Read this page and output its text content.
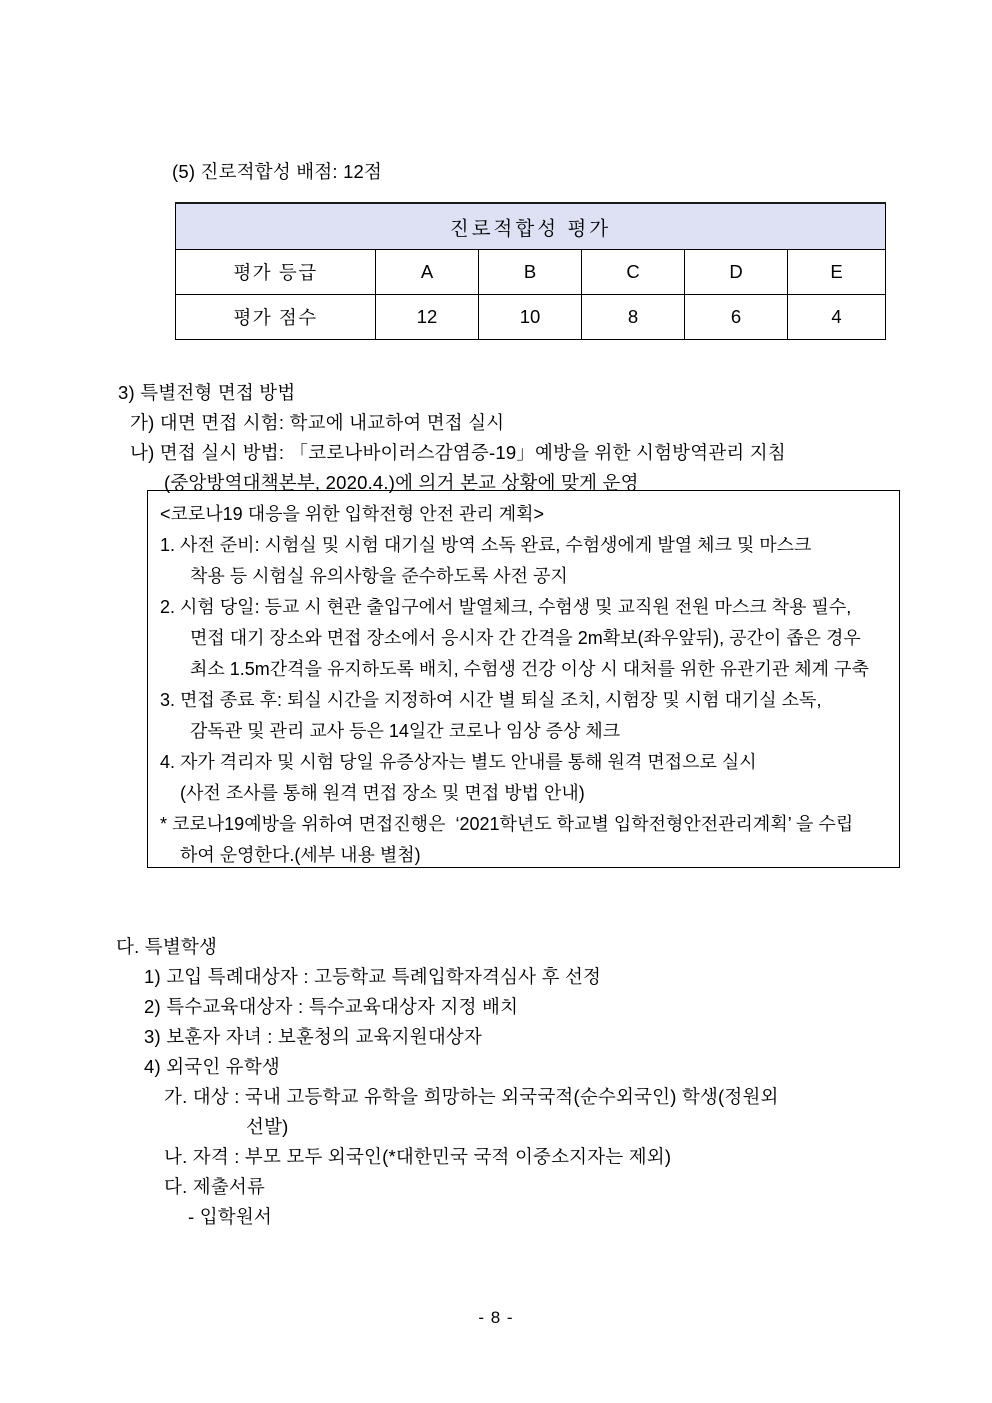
(5) 진로적합성 배점: 12점
진로적합성 평가					
평가 등급	A	B	C	D	E
평가 점수	12	10	8	6	4
3) 특별전형 면접 방법
가) 대면 면접 시험: 학교에 내교하여 면접 실시
나) 면접 실시 방법: 「코로나바이러스감염증-19」예방을 위한 시험방역관리 지침
(중앙방역대책본부, 2020.4.)에 의거 본교 상황에 맞게 운영
<코로나19 대응을 위한 입학전형 안전 관리 계획>
1. 사전 준비: 시험실 및 시험 대기실 방역 소독 완료, 수험생에게 발열 체크 및 마스크
착용 등 시험실 유의사항을 준수하도록 사전 공지
2. 시험 당일: 등교 시 현관 출입구에서 발열체크, 수험생 및 교직원 전원 마스크 착용 필수,
면접 대기 장소와 면접 장소에서 응시자 간 간격을 2m확보(좌우앞뒤), 공간이 좁은 경우
최소 1.5m간격을 유지하도록 배치, 수험생 건강 이상 시 대처를 위한 유관기관 체계 구축
3. 면접 종료 후: 퇴실 시간을 지정하여 시간 별 퇴실 조치, 시험장 및 시험 대기실 소독,
감독관 및 관리 교사 등은 14일간 코로나 임상 증상 체크
4. 자가 격리자 및 시험 당일 유증상자는 별도 안내를 통해 원격 면접으로 실시
(사전 조사를 통해 원격 면접 장소 및 면접 방법 안내)
* 코로나19예방을 위하여 면접진행은  ‘2021학년도 학교별 입학전형안전관리계획’ 을 수립
하여 운영한다.(세부 내용 별첨)
다. 특별학생
1) 고입 특례대상자 : 고등학교 특례입학자격심사 후 선정
2) 특수교육대상자 : 특수교육대상자 지정 배치
3) 보훈자 자녀 : 보훈청의 교육지원대상자
4) 외국인 유학생
가. 대상 : 국내 고등학교 유학을 희망하는 외국국적(순수외국인) 학생(정원외
선발)
나. 자격 : 부모 모두 외국인(*대한민국 국적 이중소지자는 제외)
다. 제출서류
- 입학원서
- 8 -
